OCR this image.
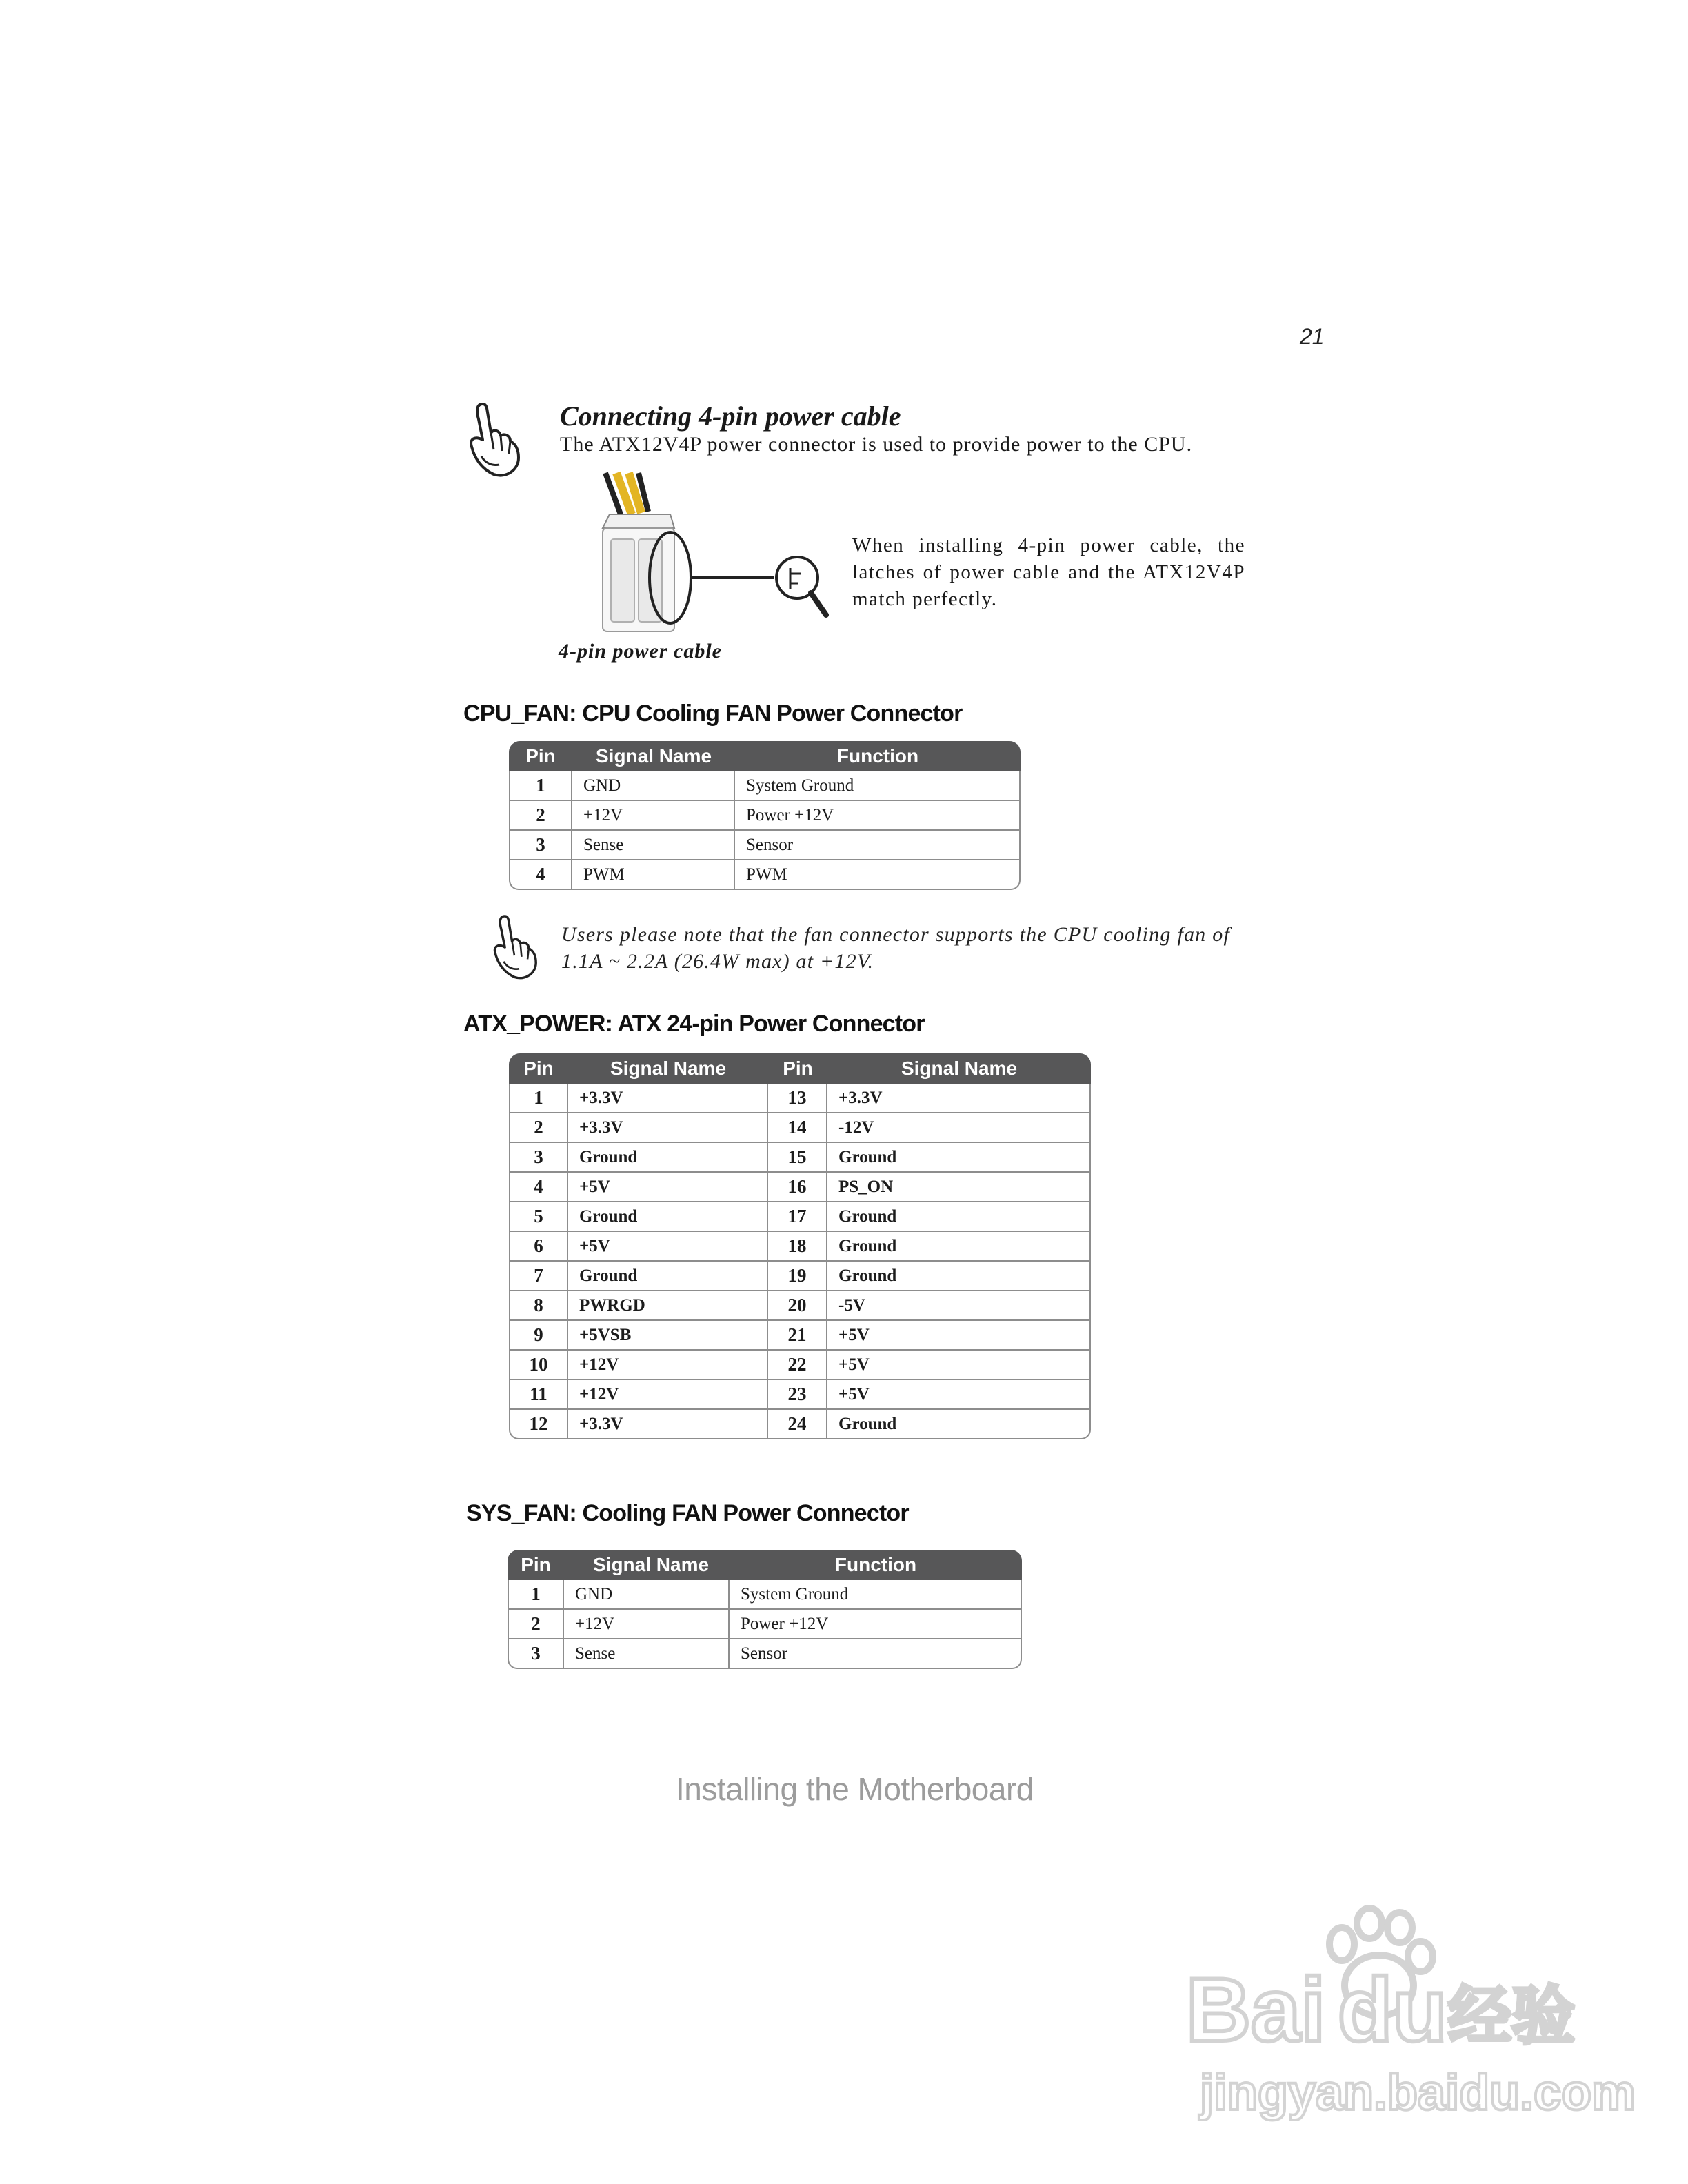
21
Connecting 4-pin power cable
The ATX12V4P power connector is used to provide power to the CPU.
4-pin power cable
When installing 4-pin power cable, the latches of power cable and the ATX12V4P match perfectly.
CPU_FAN: CPU Cooling FAN Power Connector
Pin	Signal Name	Function
1	GND	System Ground
2	+12V	Power +12V
3	Sense	Sensor
4	PWM	PWM
Users please note that the fan connector supports the CPU cooling fan of 1.1A ~ 2.2A (26.4W max) at +12V.
ATX_POWER: ATX 24-pin Power Connector
Pin	Signal Name	Pin	Signal Name
1	+3.3V	13	+3.3V
2	+3.3V	14	-12V
3	Ground	15	Ground
4	+5V	16	PS_ON
5	Ground	17	Ground
6	+5V	18	Ground
7	Ground	19	Ground
8	PWRGD	20	-5V
9	+5VSB	21	+5V
10	+12V	22	+5V
11	+12V	23	+5V
12	+3.3V	24	Ground
SYS_FAN: Cooling FAN Power Connector
Pin	Signal Name	Function
1	GND	System Ground
2	+12V	Power +12V
3	Sense	Sensor
Installing the Motherboard
Bai du 经验
jingyan.baidu.com
